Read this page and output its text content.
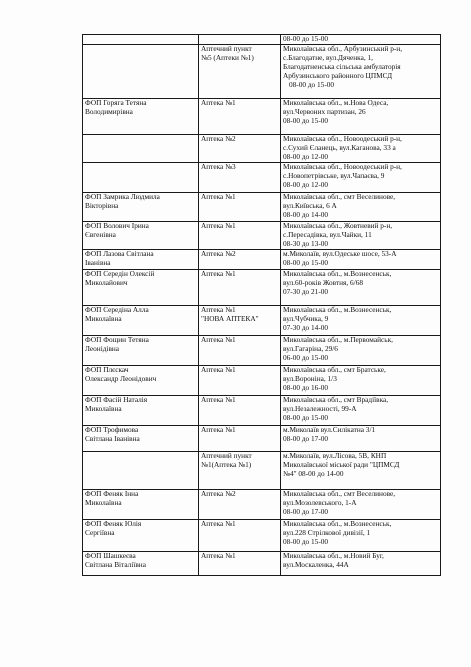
		08-00 до 15-00

	Аптечний пункт
№5 (Аптеки №1)	Миколаївська обл., Арбузинський р-н,
с.Благодатне, вул.Дяченка, 1,
Благодатненська сільська амбулаторія
Арбузинського районного ЦПМСД
08-00 до 15-00

ФОП Горяга Тетяна
Володимирівна	Аптека №1	Миколаївська обл., м.Нова Одеса,
вул.Червоних партизан, 26
08-00 до 15-00

	Аптека №2	Миколаївська обл., Новоодеський р-н,
с.Сухий Єланець, вул.Каганова, 33 а
08-00 до 12-00

	Аптека №3	Миколаївська обл., Новоодеський р-н,
с.Новопетрівське, вул.Чапаєва, 9
08-00 до 12-00

ФОП Замрика Людмила
Вікторівна	Аптека №1	Миколаївська обл., смт Веселинове,
вул.Київська, 6 А
08-00 до 14-00

ФОП Волович Ірина
Євгенівна	Аптека №1	Миколаївська обл., Жовтневий р-н,
с.Пересадівка, вул.Чайки, 11
08-30 до 13-00

ФОП Лазова Світлана
Іванівна	Аптека №2	м.Миколаїв, вул.Одеське шосе, 53-А
08-00 до 15-00

ФОП Середін Олексій
Миколайович	Аптека №1	Миколаївська обл., м.Вознесенськ,
вул.60-років Жовтня, 6/68
07-30 до 21-00

ФОП Середіна Алла
Миколаївна	Аптека №1
"НОВА АПТЕКА"	Миколаївська обл., м.Вознесенськ,
вул.Чубчика, 9
07-30 до 14-00

ФОП Фощин Тетяна
Леонідівна	Аптека №1	Миколаївська обл., м.Первомайськ,
вул.Гагаріна, 29/6
06-00 до 15-00

ФОП Плєскач
Олександр Леонідович	Аптека №1	Миколаївська обл., смт Братське,
вул.Вороніна, 1/3
08-00 до 16-00

ФОП Фасій Наталія
Миколаївна	Аптека №1	Миколаївська обл., смт Врадіївка,
вул.Незалежності, 99-А
08-00 до 15-00

ФОП Трофимова
Світлана Іванівна	Аптека №1	м.Миколаїв вул.Силікатна 3/1
08-00 до 17-00

	Аптечний пункт
№1(Аптека №1)	м.Миколаїв, вул.Лісова, 5В, КНП
Миколаївської міської ради "ЦПМСД
№4" 08-00 до 14-00

ФОП Феняк Інна
Миколаївна	Аптека №2	Миколаївська обл., смт Веселинове,
вул.Мозолевського, 1-А
08-00 до 17-00

ФОП Феняк Юлія
Сергіївна	Аптека №1	Миколаївська обл., м.Вознесенськ,
вул.228 Стрілкової дивізії, 1
08-00 до 15-00

ФОП Шашкеєва
Світлана Віталіївна	Аптека №1	Миколаївська обл., м.Новий Буг,
вул.Москаленка, 44А
